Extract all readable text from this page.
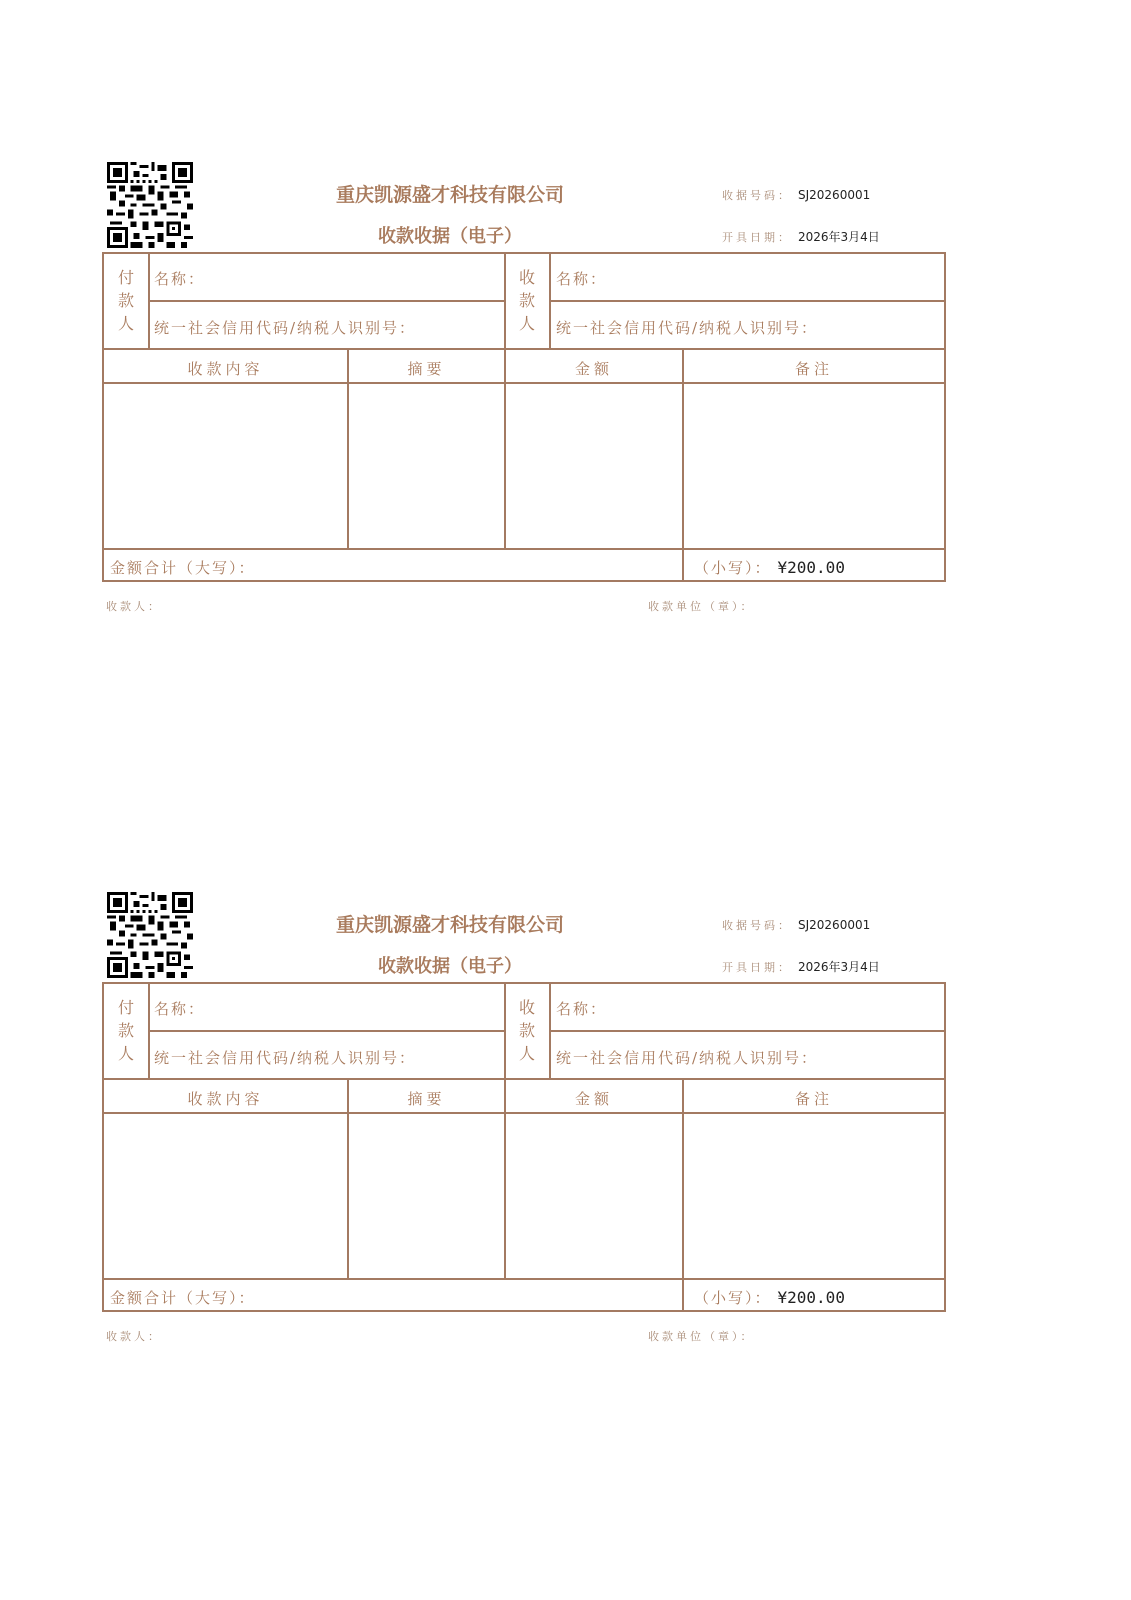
重庆凯源盛才科技有限公司
收款收据（电子）
收据号码： SJ20260001
开具日期： 2026年3月4日
付
款
人
名称：
统一社会信用代码/纳税人识别号：
收
款
人
名称：
统一社会信用代码/纳税人识别号：
收款内容	摘要	金额	备注
金额合计（大写）：	（小写）： ¥200.00
收款人：	收款单位（章）：
重庆凯源盛才科技有限公司
收款收据（电子）
收据号码： SJ20260001
开具日期： 2026年3月4日
付
款
人
名称：
统一社会信用代码/纳税人识别号：
收
款
人
名称：
统一社会信用代码/纳税人识别号：
收款内容	摘要	金额	备注
金额合计（大写）：	（小写）： ¥200.00
收款人：	收款单位（章）：
